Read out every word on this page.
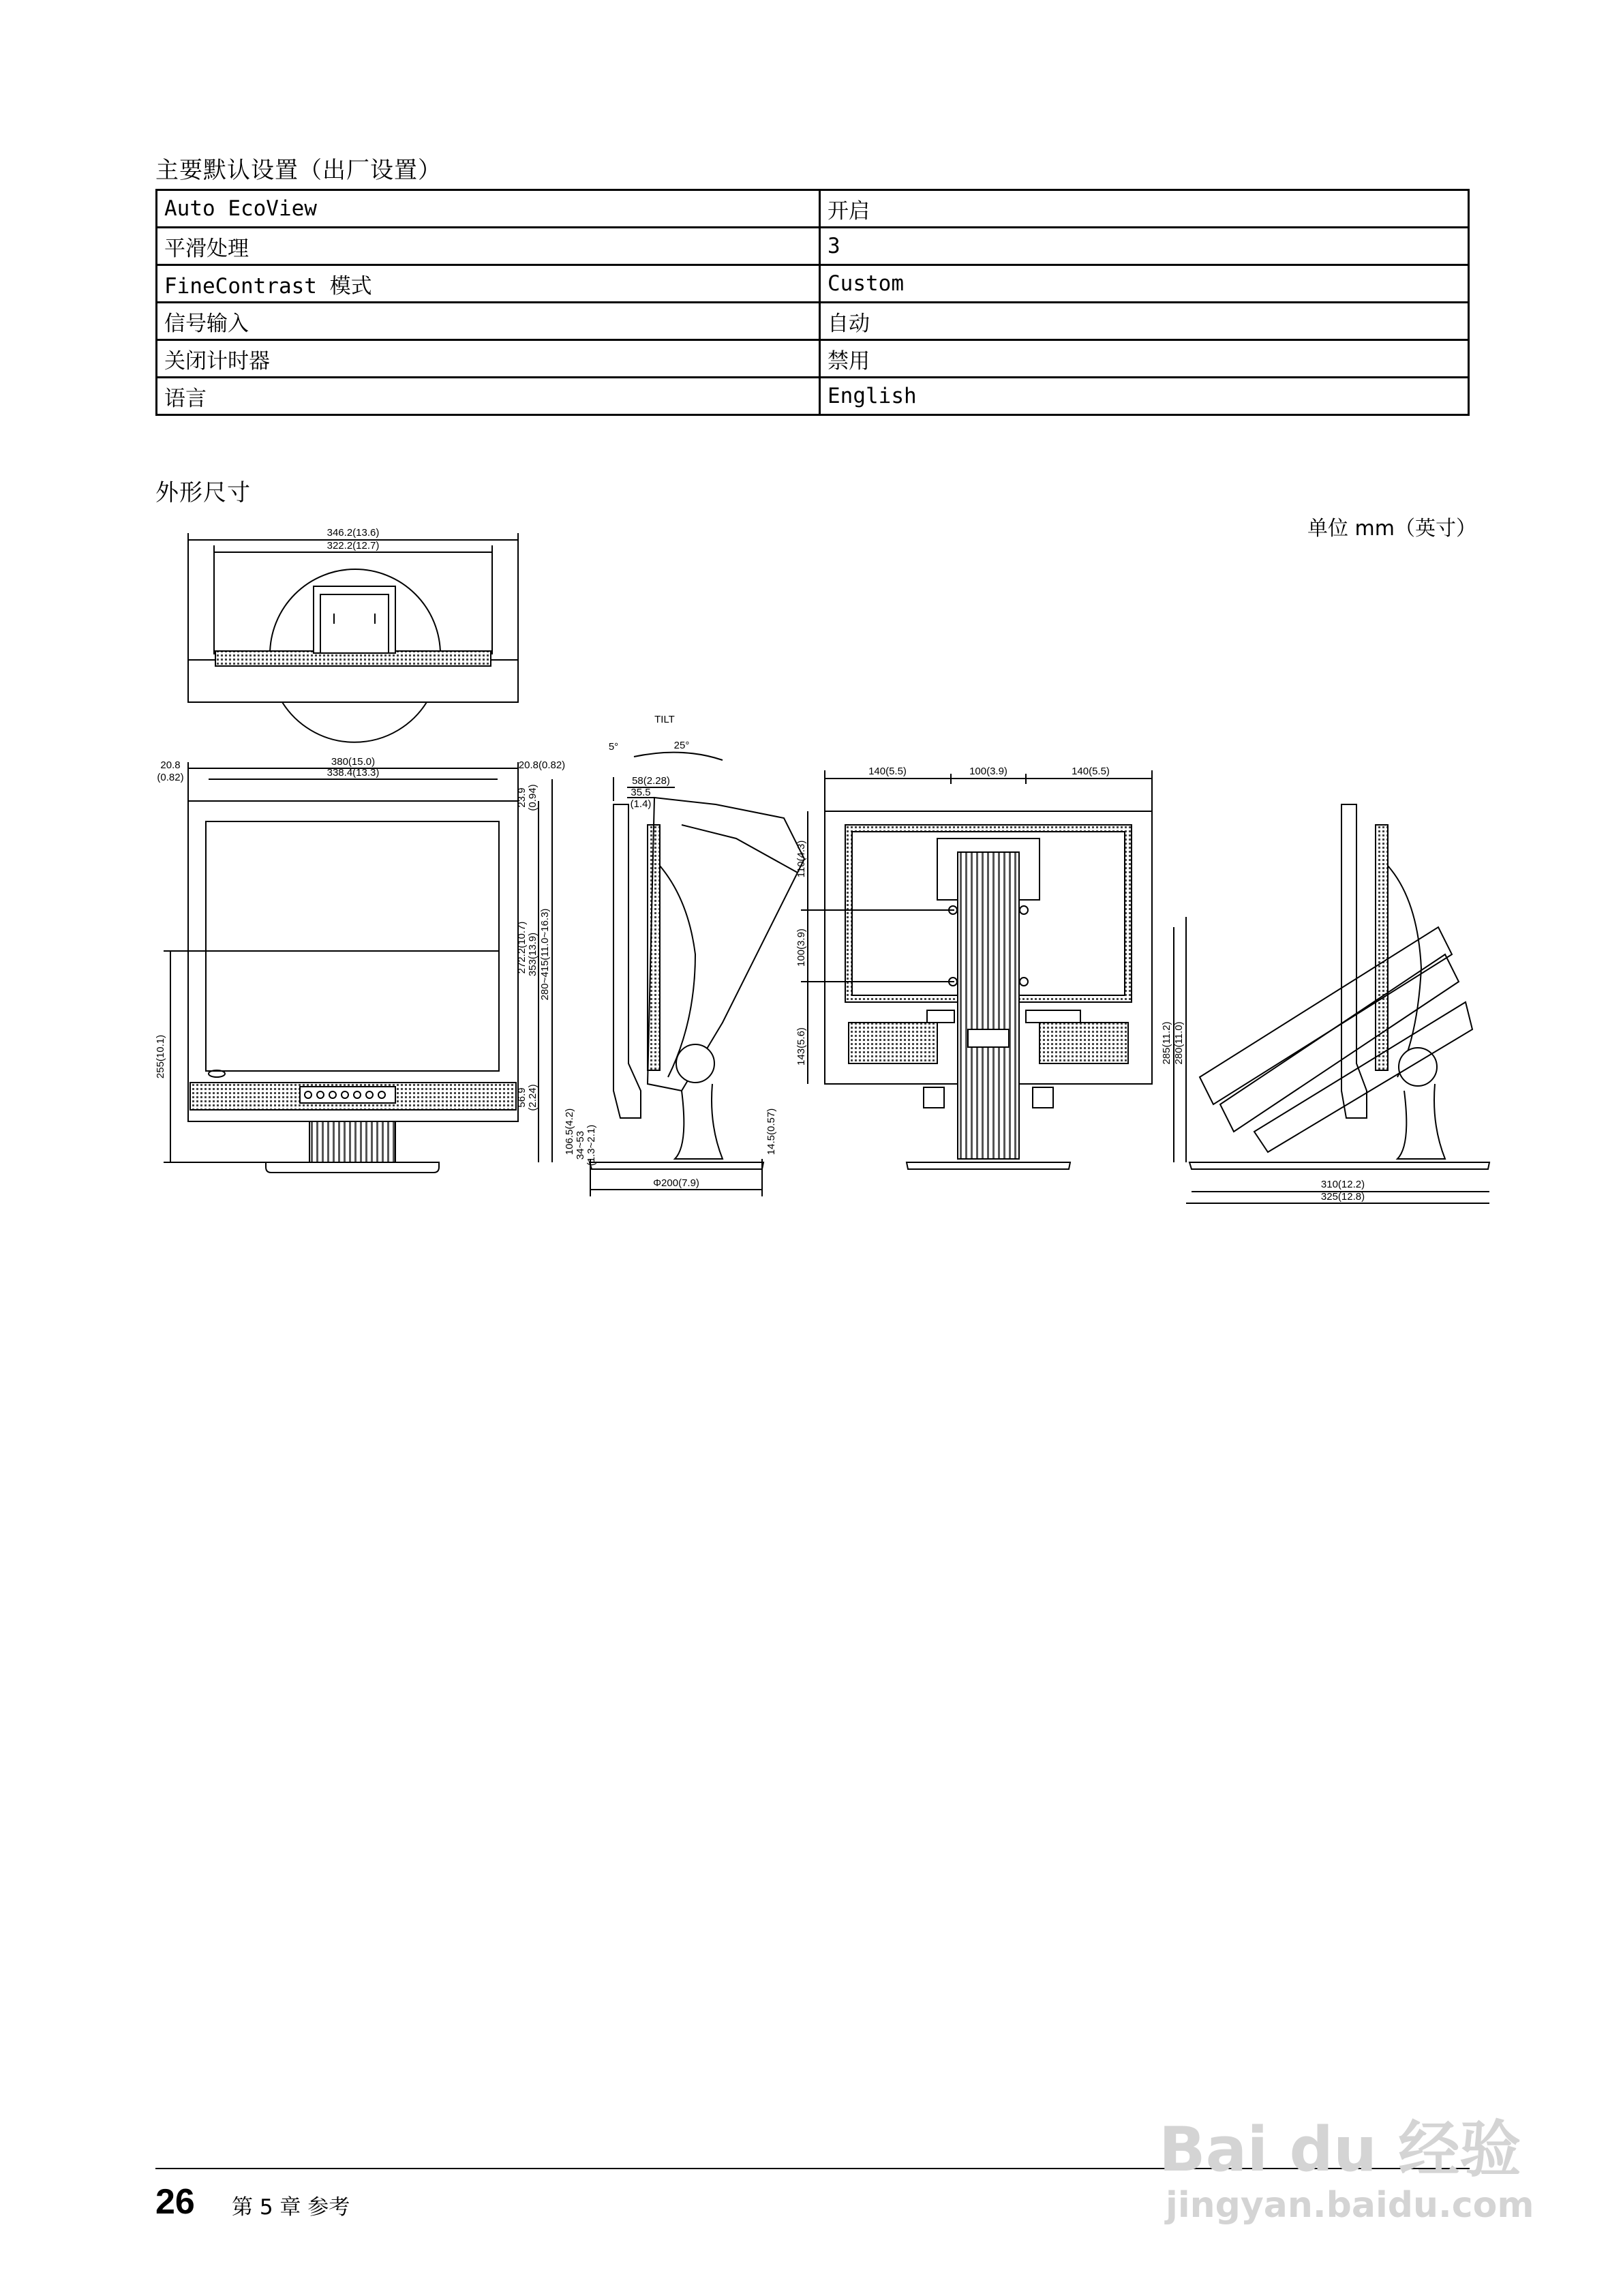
主要默认设置（出厂设置）
Auto EcoView	开启
平滑处理	3
FineContrast 模式	Custom
信号输入	自动
关闭计时器	禁用
语言	English
外形尺寸
单位 mm（英寸）
346.2(13.6)
322.2(12.7)
380(15.0)
338.4(13.3)
20.8
(0.82)
20.8(0.82)
23.9 (0.94)
272.2(10.7) 353(13.9) 280~415(11.0~16.3)
56.9 (2.24)
255(10.1)
TILT
5°	25°
58(2.28)
35.5
(1.4)
106.5(4.2) 34~53 (1.3~2.1)	14.5(0.57)
Φ200(7.9)
140(5.5)	100(3.9)	140(5.5)
110(4.3)
100(3.9)
143(5.6)	285(11.2) 280(11.0)
310(12.2)
325(12.8)
26 第 5 章 参考
Bai du 经验
jingyan.baidu.com
